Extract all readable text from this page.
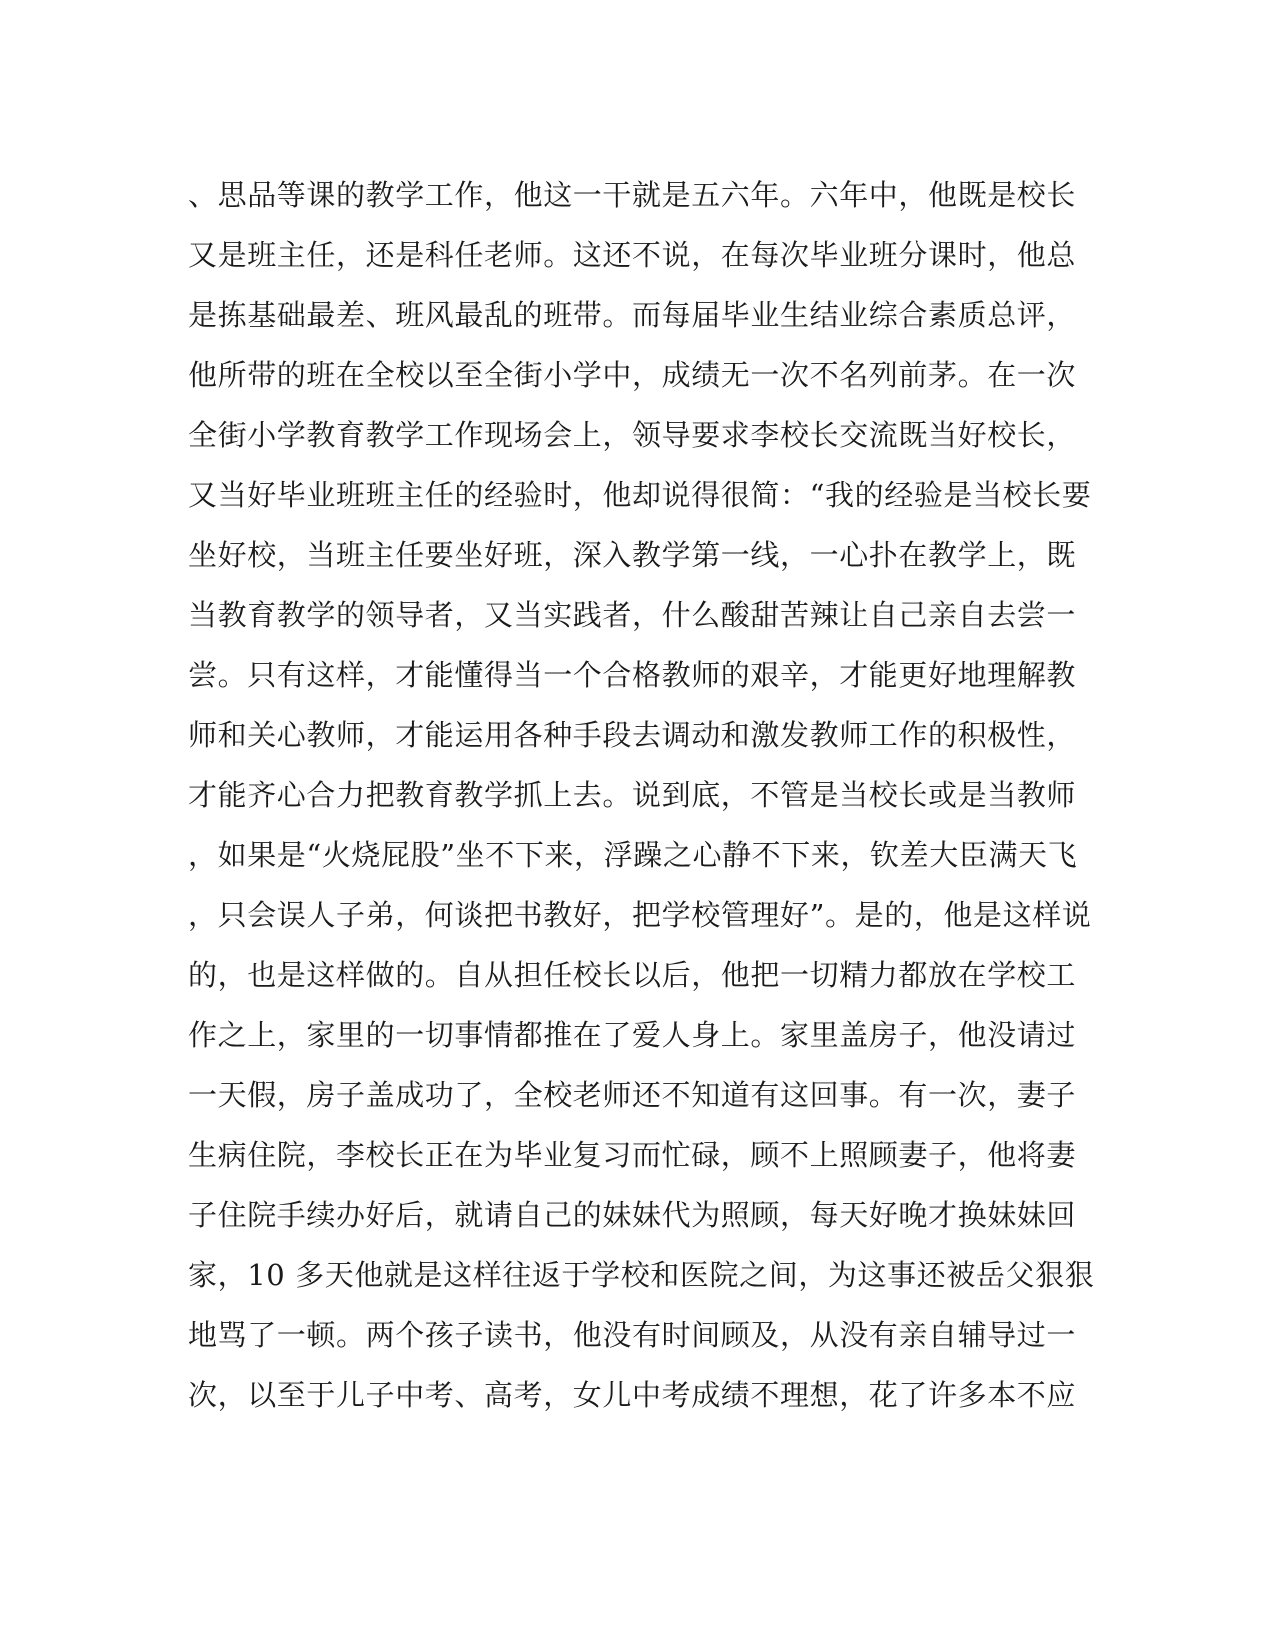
、思品等课的教学工作，他这一干就是五六年。六年中，他既是校长
又是班主任，还是科任老师。这还不说，在每次毕业班分课时，他总
是拣基础最差、班风最乱的班带。而每届毕业生结业综合素质总评，
他所带的班在全校以至全街小学中，成绩无一次不名列前茅。在一次
全街小学教育教学工作现场会上，领导要求李校长交流既当好校长，
又当好毕业班班主任的经验时，他却说得很简：“我的经验是当校长要
坐好校，当班主任要坐好班，深入教学第一线，一心扑在教学上，既
当教育教学的领导者，又当实践者，什么酸甜苦辣让自己亲自去尝一
尝。只有这样，才能懂得当一个合格教师的艰辛，才能更好地理解教
师和关心教师，才能运用各种手段去调动和激发教师工作的积极性，
才能齐心合力把教育教学抓上去。说到底，不管是当校长或是当教师
，如果是“火烧屁股”坐不下来，浮躁之心静不下来，钦差大臣满天飞
，只会误人子弟，何谈把书教好，把学校管理好”。是的，他是这样说
的，也是这样做的。自从担任校长以后，他把一切精力都放在学校工
作之上，家里的一切事情都推在了爱人身上。家里盖房子，他没请过
一天假，房子盖成功了，全校老师还不知道有这回事。有一次，妻子
生病住院，李校长正在为毕业复习而忙碌，顾不上照顾妻子，他将妻
子住院手续办好后，就请自己的妹妹代为照顾，每天好晚才换妹妹回
家，10 多天他就是这样往返于学校和医院之间，为这事还被岳父狠狠
地骂了一顿。两个孩子读书，他没有时间顾及，从没有亲自辅导过一
次，以至于儿子中考、高考，女儿中考成绩不理想，花了许多本不应
